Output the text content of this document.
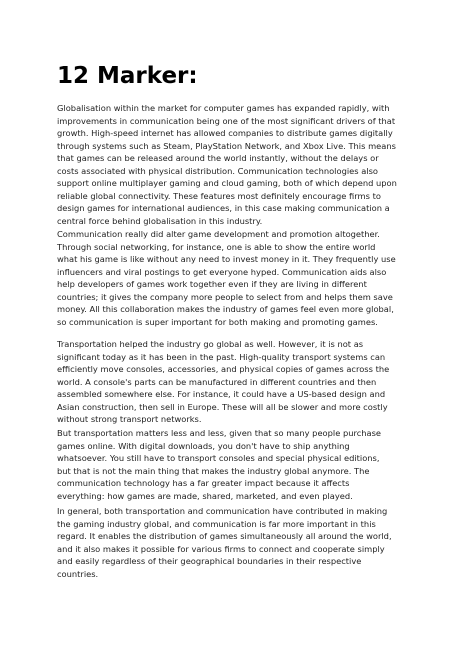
12 Marker:
Globalisation within the market for computer games has expanded rapidly, with
improvements in communication being one of the most significant drivers of that
growth. High-speed internet has allowed companies to distribute games digitally
through systems such as Steam, PlayStation Network, and Xbox Live. This means
that games can be released around the world instantly, without the delays or
costs associated with physical distribution. Communication technologies also
support online multiplayer gaming and cloud gaming, both of which depend upon
reliable global connectivity. These features most definitely encourage firms to
design games for international audiences, in this case making communication a
central force behind globalisation in this industry.
Communication really did alter game development and promotion altogether.
Through social networking, for instance, one is able to show the entire world
what his game is like without any need to invest money in it. They frequently use
influencers and viral postings to get everyone hyped. Communication aids also
help developers of games work together even if they are living in different
countries; it gives the company more people to select from and helps them save
money. All this collaboration makes the industry of games feel even more global,
so communication is super important for both making and promoting games.
Transportation helped the industry go global as well. However, it is not as
significant today as it has been in the past. High-quality transport systems can
efficiently move consoles, accessories, and physical copies of games across the
world. A console's parts can be manufactured in different countries and then
assembled somewhere else. For instance, it could have a US-based design and
Asian construction, then sell in Europe. These will all be slower and more costly
without strong transport networks.
But transportation matters less and less, given that so many people purchase
games online. With digital downloads, you don't have to ship anything
whatsoever. You still have to transport consoles and special physical editions,
but that is not the main thing that makes the industry global anymore. The
communication technology has a far greater impact because it affects
everything: how games are made, shared, marketed, and even played.
In general, both transportation and communication have contributed in making
the gaming industry global, and communication is far more important in this
regard. It enables the distribution of games simultaneously all around the world,
and it also makes it possible for various firms to connect and cooperate simply
and easily regardless of their geographical boundaries in their respective
countries.
